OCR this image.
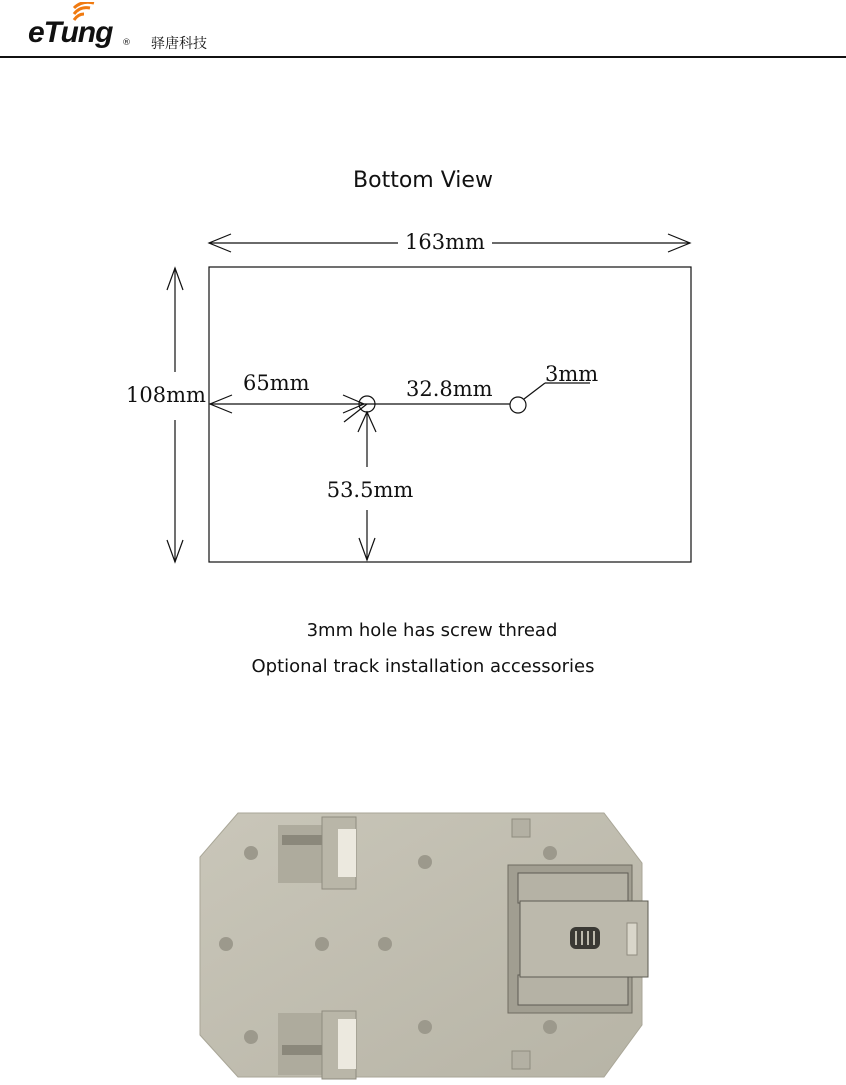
eTung ® 驿唐科技
Bottom View
163mm
108mm 65mm	32.8mm
3mm
53.5mm
3mm hole has screw thread
Optional track installation accessories
